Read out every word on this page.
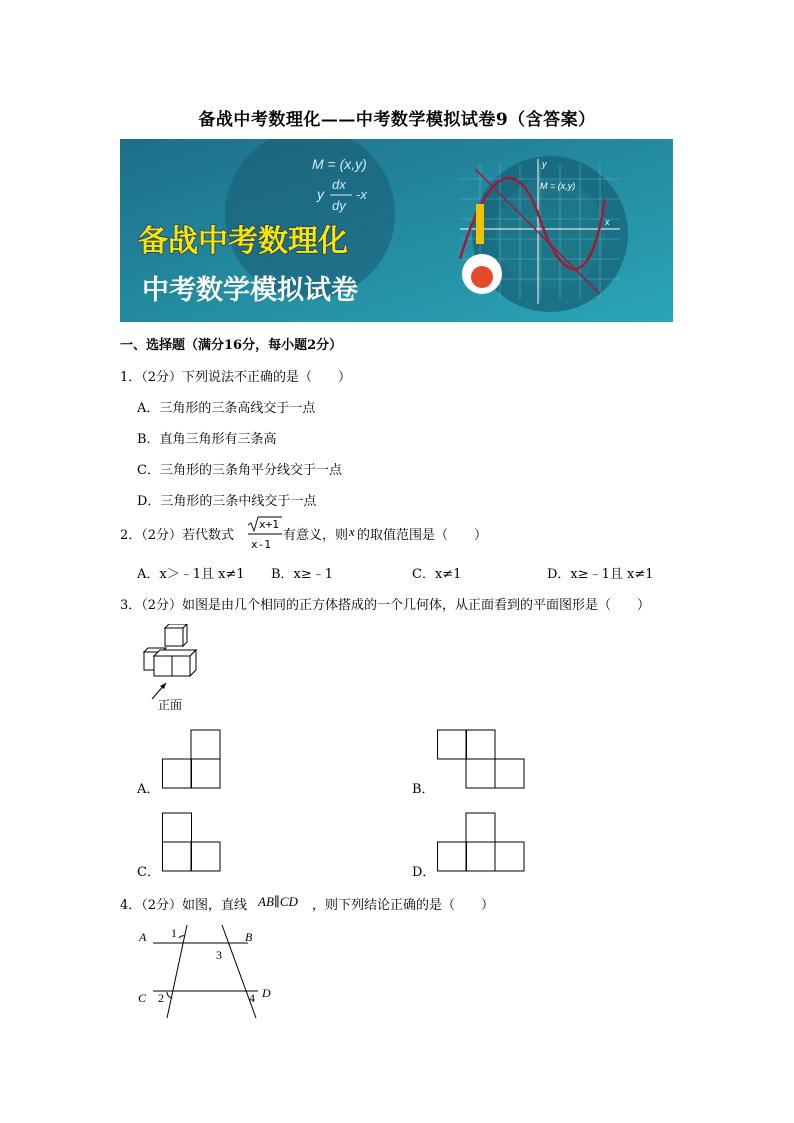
备战中考数理化——中考数学模拟试卷9（含答案）
x
y
M = (x,y)
M = (x,y)
y
dx
dy
-x
备战中考数理化
中考数学模拟试卷
一、选择题（满分16分，每小题2分）
1．（2分）下列说法不正确的是（　　）
A．三角形的三条高线交于一点
B．直角三角形有三条高
C．三角形的三条角平分线交于一点
D．三角形的三条中线交于一点
2．（2分）若代数式
x+1
x-1
有意义，则 x 的取值范围是（　　）
A．x＞﹣1且 x≠1 B．x≥﹣1	C．x≠1	D．x≥﹣1且 x≠1
3．（2分）如图是由几个相同的正方体搭成的一个几何体，从正面看到的平面图形是（　　）
正面
A．	B．
C．	D．
4．（2分）如图，直线 AB∥CD ，则下列结论正确的是（　　）
A	B
C	D
1
2
3
4
